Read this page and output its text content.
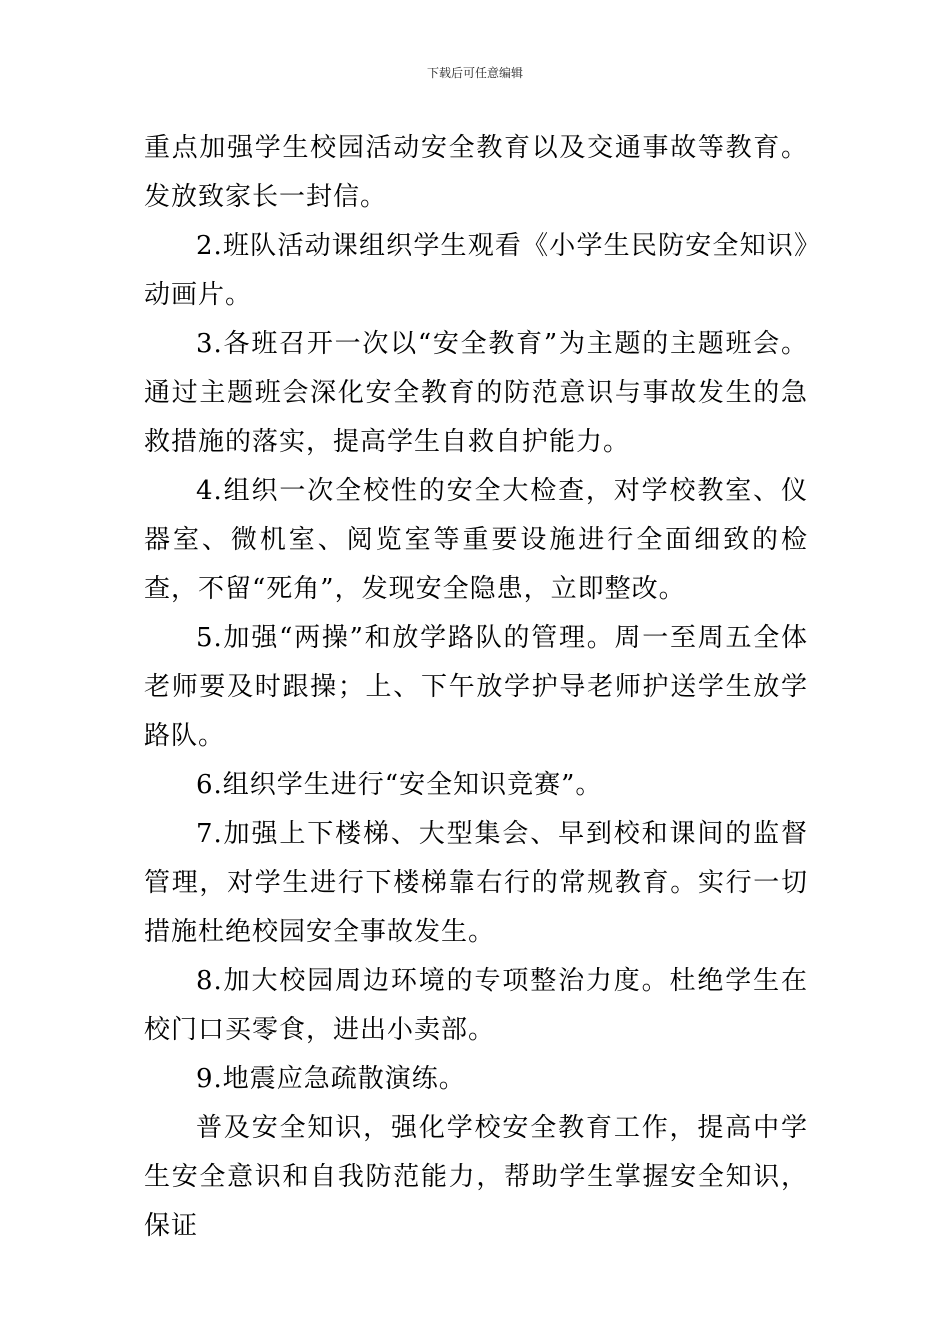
下载后可任意编辑

重点加强学生校园活动安全教育以及交通事故等教育。发放致家长一封信。

2.班队活动课组织学生观看《小学生民防安全知识》动画片。

3.各班召开一次以“安全教育”为主题的主题班会。通过主题班会深化安全教育的防范意识与事故发生的急救措施的落实，提高学生自救自护能力。

4.组织一次全校性的安全大检查，对学校教室、仪器室、微机室、阅览室等重要设施进行全面细致的检查，不留“死角”，发现安全隐患，立即整改。

5.加强“两操”和放学路队的管理。周一至周五全体老师要及时跟操；上、下午放学护导老师护送学生放学路队。

6.组织学生进行“安全知识竞赛”。

7.加强上下楼梯、大型集会、早到校和课间的监督管理，对学生进行下楼梯靠右行的常规教育。实行一切措施杜绝校园安全事故发生。

8.加大校园周边环境的专项整治力度。杜绝学生在校门口买零食，进出小卖部。

9.地震应急疏散演练。

普及安全知识，强化学校安全教育工作，提高中学生安全意识和自我防范能力，帮助学生掌握安全知识，保证
